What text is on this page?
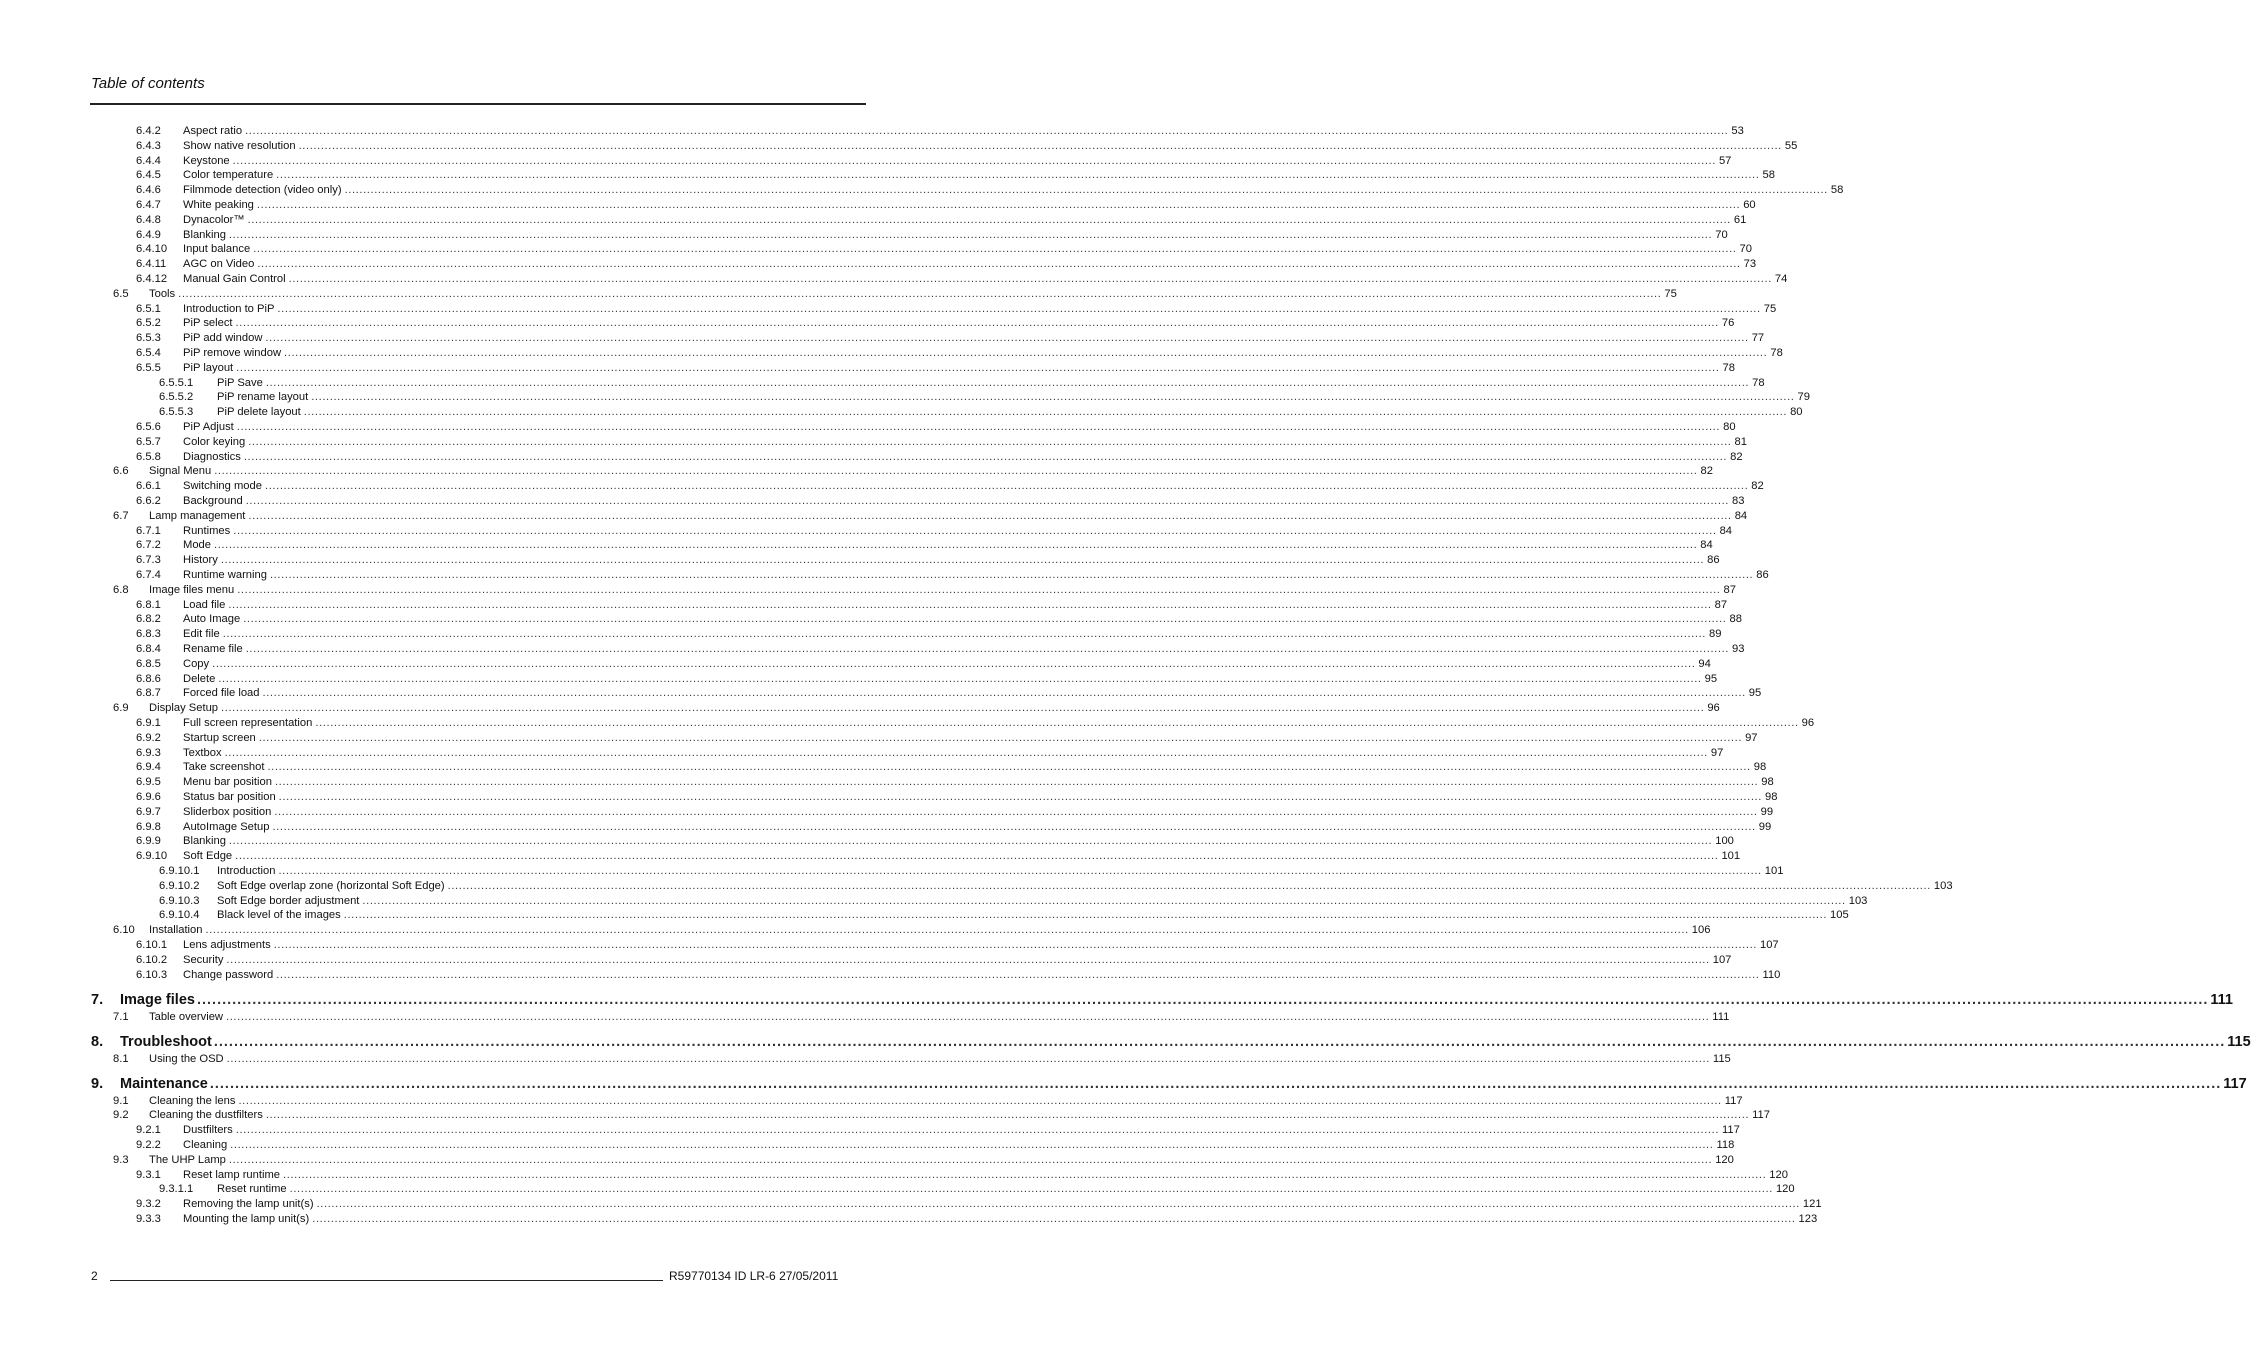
Table of contents
6.4.2 Aspect ratio ................................................................................................................................................................................................................................................................................................................................................................................................................ 53
6.4.3 Show native resolution ................................................................................................................................................................................................................................................................................................................................................................................................................ 55
6.4.4 Keystone ................................................................................................................................................................................................................................................................................................................................................................................................................ 57
6.4.5 Color temperature ................................................................................................................................................................................................................................................................................................................................................................................................................ 58
6.4.6 Filmmode detection (video only) ................................................................................................................................................................................................................................................................................................................................................................................................................ 58
6.4.7 White peaking ................................................................................................................................................................................................................................................................................................................................................................................................................ 60
6.4.8 Dynacolor™ ................................................................................................................................................................................................................................................................................................................................................................................................................ 61
6.4.9 Blanking ................................................................................................................................................................................................................................................................................................................................................................................................................ 70
6.4.10 Input balance ................................................................................................................................................................................................................................................................................................................................................................................................................ 70
6.4.11 AGC on Video ................................................................................................................................................................................................................................................................................................................................................................................................................ 73
6.4.12 Manual Gain Control ................................................................................................................................................................................................................................................................................................................................................................................................................ 74
6.5 Tools ................................................................................................................................................................................................................................................................................................................................................................................................................ 75
6.5.1 Introduction to PiP ................................................................................................................................................................................................................................................................................................................................................................................................................ 75
6.5.2 PiP select ................................................................................................................................................................................................................................................................................................................................................................................................................ 76
6.5.3 PiP add window ................................................................................................................................................................................................................................................................................................................................................................................................................ 77
6.5.4 PiP remove window ................................................................................................................................................................................................................................................................................................................................................................................................................ 78
6.5.5 PiP layout ................................................................................................................................................................................................................................................................................................................................................................................................................ 78
6.5.5.1 PiP Save ................................................................................................................................................................................................................................................................................................................................................................................................................ 78
6.5.5.2 PiP rename layout ................................................................................................................................................................................................................................................................................................................................................................................................................ 79
6.5.5.3 PiP delete layout ................................................................................................................................................................................................................................................................................................................................................................................................................ 80
6.5.6 PiP Adjust ................................................................................................................................................................................................................................................................................................................................................................................................................ 80
6.5.7 Color keying ................................................................................................................................................................................................................................................................................................................................................................................................................ 81
6.5.8 Diagnostics ................................................................................................................................................................................................................................................................................................................................................................................................................ 82
6.6 Signal Menu ................................................................................................................................................................................................................................................................................................................................................................................................................ 82
6.6.1 Switching mode ................................................................................................................................................................................................................................................................................................................................................................................................................ 82
6.6.2 Background ................................................................................................................................................................................................................................................................................................................................................................................................................ 83
6.7 Lamp management ................................................................................................................................................................................................................................................................................................................................................................................................................ 84
6.7.1 Runtimes ................................................................................................................................................................................................................................................................................................................................................................................................................ 84
6.7.2 Mode ................................................................................................................................................................................................................................................................................................................................................................................................................ 84
6.7.3 History ................................................................................................................................................................................................................................................................................................................................................................................................................ 86
6.7.4 Runtime warning ................................................................................................................................................................................................................................................................................................................................................................................................................ 86
6.8 Image files menu ................................................................................................................................................................................................................................................................................................................................................................................................................ 87
6.8.1 Load file ................................................................................................................................................................................................................................................................................................................................................................................................................ 87
6.8.2 Auto Image ................................................................................................................................................................................................................................................................................................................................................................................................................ 88
6.8.3 Edit file ................................................................................................................................................................................................................................................................................................................................................................................................................ 89
6.8.4 Rename file ................................................................................................................................................................................................................................................................................................................................................................................................................ 93
6.8.5 Copy ................................................................................................................................................................................................................................................................................................................................................................................................................ 94
6.8.6 Delete ................................................................................................................................................................................................................................................................................................................................................................................................................ 95
6.8.7 Forced file load ................................................................................................................................................................................................................................................................................................................................................................................................................ 95
6.9 Display Setup ................................................................................................................................................................................................................................................................................................................................................................................................................ 96
6.9.1 Full screen representation ................................................................................................................................................................................................................................................................................................................................................................................................................ 96
6.9.2 Startup screen ................................................................................................................................................................................................................................................................................................................................................................................................................ 97
6.9.3 Textbox ................................................................................................................................................................................................................................................................................................................................................................................................................ 97
6.9.4 Take screenshot ................................................................................................................................................................................................................................................................................................................................................................................................................ 98
6.9.5 Menu bar position ................................................................................................................................................................................................................................................................................................................................................................................................................ 98
6.9.6 Status bar position ................................................................................................................................................................................................................................................................................................................................................................................................................ 98
6.9.7 Sliderbox position ................................................................................................................................................................................................................................................................................................................................................................................................................ 99
6.9.8 AutoImage Setup ................................................................................................................................................................................................................................................................................................................................................................................................................ 99
6.9.9 Blanking ................................................................................................................................................................................................................................................................................................................................................................................................................ 100
6.9.10 Soft Edge ................................................................................................................................................................................................................................................................................................................................................................................................................ 101
6.9.10.1 Introduction ................................................................................................................................................................................................................................................................................................................................................................................................................ 101
6.9.10.2 Soft Edge overlap zone (horizontal Soft Edge) ................................................................................................................................................................................................................................................................................................................................................................................................................ 103
6.9.10.3 Soft Edge border adjustment ................................................................................................................................................................................................................................................................................................................................................................................................................ 103
6.9.10.4 Black level of the images ................................................................................................................................................................................................................................................................................................................................................................................................................ 105
6.10 Installation ................................................................................................................................................................................................................................................................................................................................................................................................................ 106
6.10.1 Lens adjustments ................................................................................................................................................................................................................................................................................................................................................................................................................ 107
6.10.2 Security ................................................................................................................................................................................................................................................................................................................................................................................................................ 107
6.10.3 Change password ................................................................................................................................................................................................................................................................................................................................................................................................................ 110
7. Image files ................................................................................................................................................................................................................................................................................................................................................................................................................ 111
7.1 Table overview ................................................................................................................................................................................................................................................................................................................................................................................................................ 111
8. Troubleshoot ................................................................................................................................................................................................................................................................................................................................................................................................................ 115
8.1 Using the OSD ................................................................................................................................................................................................................................................................................................................................................................................................................ 115
9. Maintenance ................................................................................................................................................................................................................................................................................................................................................................................................................ 117
9.1 Cleaning the lens ................................................................................................................................................................................................................................................................................................................................................................................................................ 117
9.2 Cleaning the dustfilters ................................................................................................................................................................................................................................................................................................................................................................................................................ 117
9.2.1 Dustfilters ................................................................................................................................................................................................................................................................................................................................................................................................................ 117
9.2.2 Cleaning ................................................................................................................................................................................................................................................................................................................................................................................................................ 118
9.3 The UHP Lamp ................................................................................................................................................................................................................................................................................................................................................................................................................ 120
9.3.1 Reset lamp runtime ................................................................................................................................................................................................................................................................................................................................................................................................................ 120
9.3.1.1 Reset runtime ................................................................................................................................................................................................................................................................................................................................................................................................................ 120
9.3.2 Removing the lamp unit(s) ................................................................................................................................................................................................................................................................................................................................................................................................................ 121
9.3.3 Mounting the lamp unit(s) ................................................................................................................................................................................................................................................................................................................................................................................................................ 123
2	R59770134 ID LR-6 27/05/2011
